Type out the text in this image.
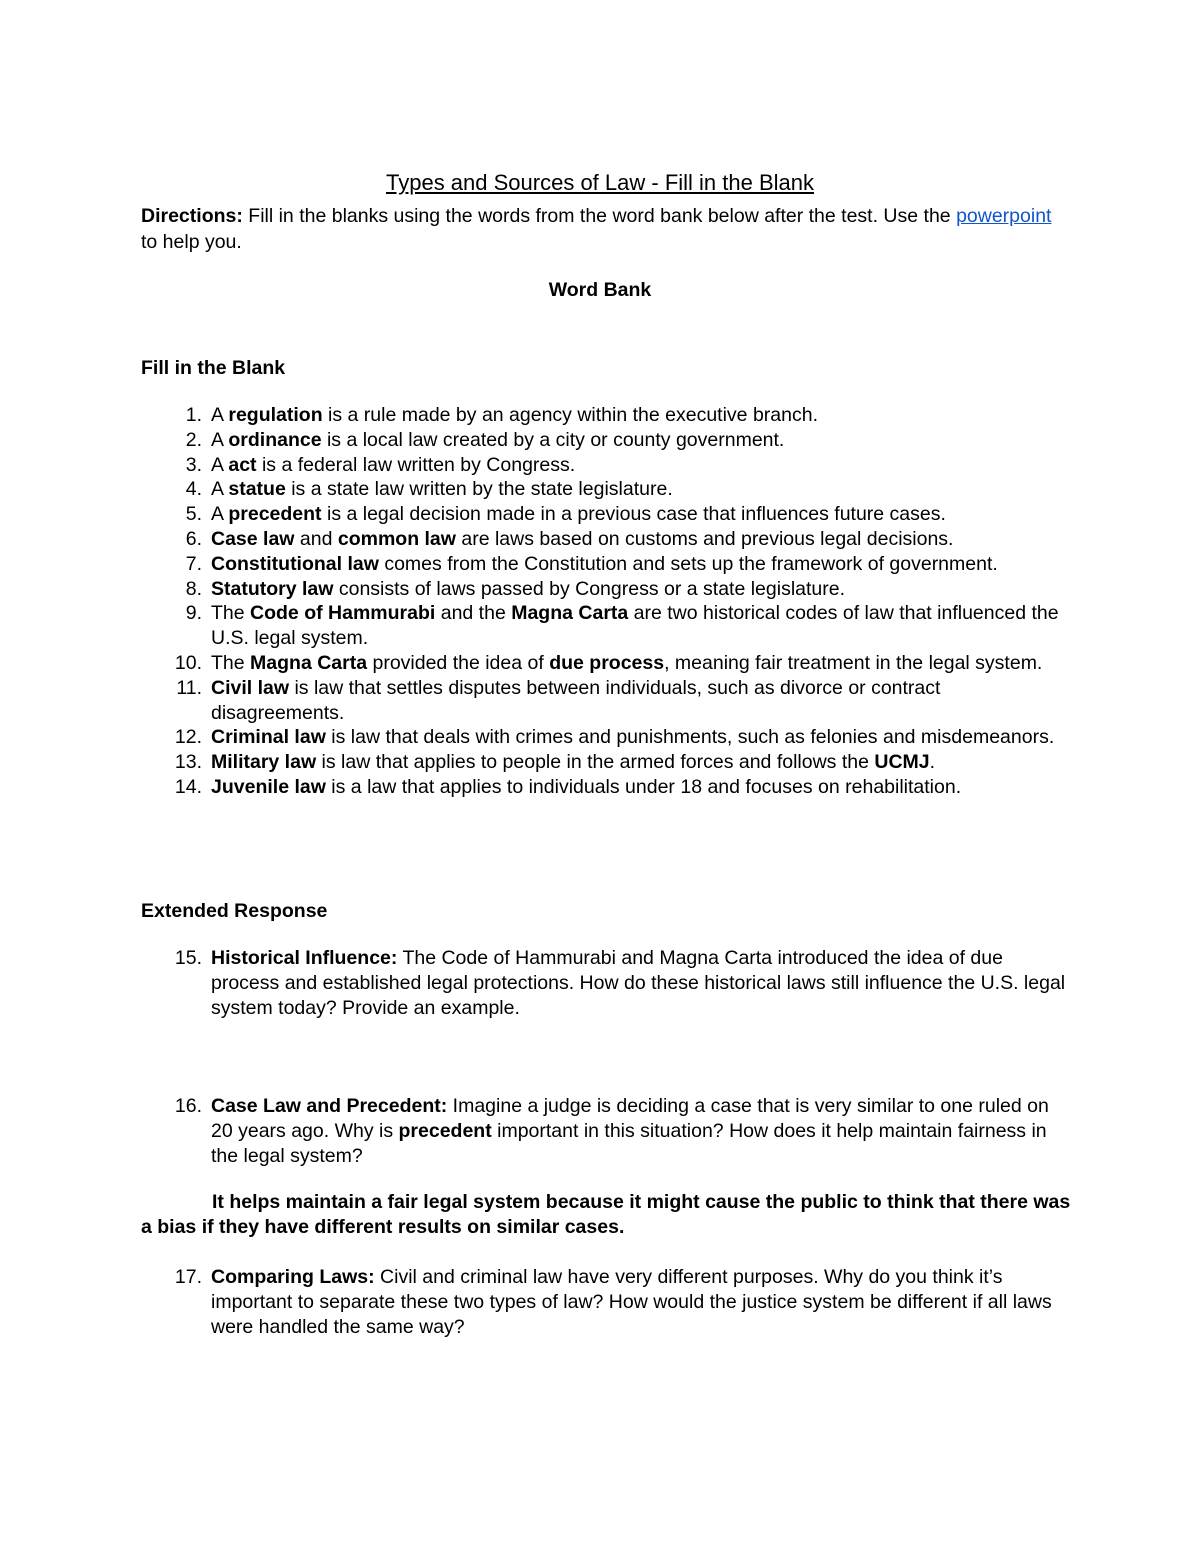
Types and Sources of Law - Fill in the Blank
Directions: Fill in the blanks using the words from the word bank below after the test. Use the powerpoint to help you.
Word Bank
Fill in the Blank
1. A regulation is a rule made by an agency within the executive branch.
2. A ordinance is a local law created by a city or county government.
3. A act is a federal law written by Congress.
4. A statue is a state law written by the state legislature.
5. A precedent is a legal decision made in a previous case that influences future cases.
6. Case law and common law are laws based on customs and previous legal decisions.
7. Constitutional law comes from the Constitution and sets up the framework of government.
8. Statutory law consists of laws passed by Congress or a state legislature.
9. The Code of Hammurabi and the Magna Carta are two historical codes of law that influenced the U.S. legal system.
10. The Magna Carta provided the idea of due process, meaning fair treatment in the legal system.
11. Civil law is law that settles disputes between individuals, such as divorce or contract disagreements.
12. Criminal law is law that deals with crimes and punishments, such as felonies and misdemeanors.
13. Military law is law that applies to people in the armed forces and follows the UCMJ.
14. Juvenile law is a law that applies to individuals under 18 and focuses on rehabilitation.
Extended Response
15. Historical Influence: The Code of Hammurabi and Magna Carta introduced the idea of due process and established legal protections. How do these historical laws still influence the U.S. legal system today? Provide an example.
16. Case Law and Precedent: Imagine a judge is deciding a case that is very similar to one ruled on 20 years ago. Why is precedent important in this situation? How does it help maintain fairness in the legal system?
It helps maintain a fair legal system because it might cause the public to think that there was a bias if they have different results on similar cases.
17. Comparing Laws: Civil and criminal law have very different purposes. Why do you think it’s important to separate these two types of law? How would the justice system be different if all laws were handled the same way?
